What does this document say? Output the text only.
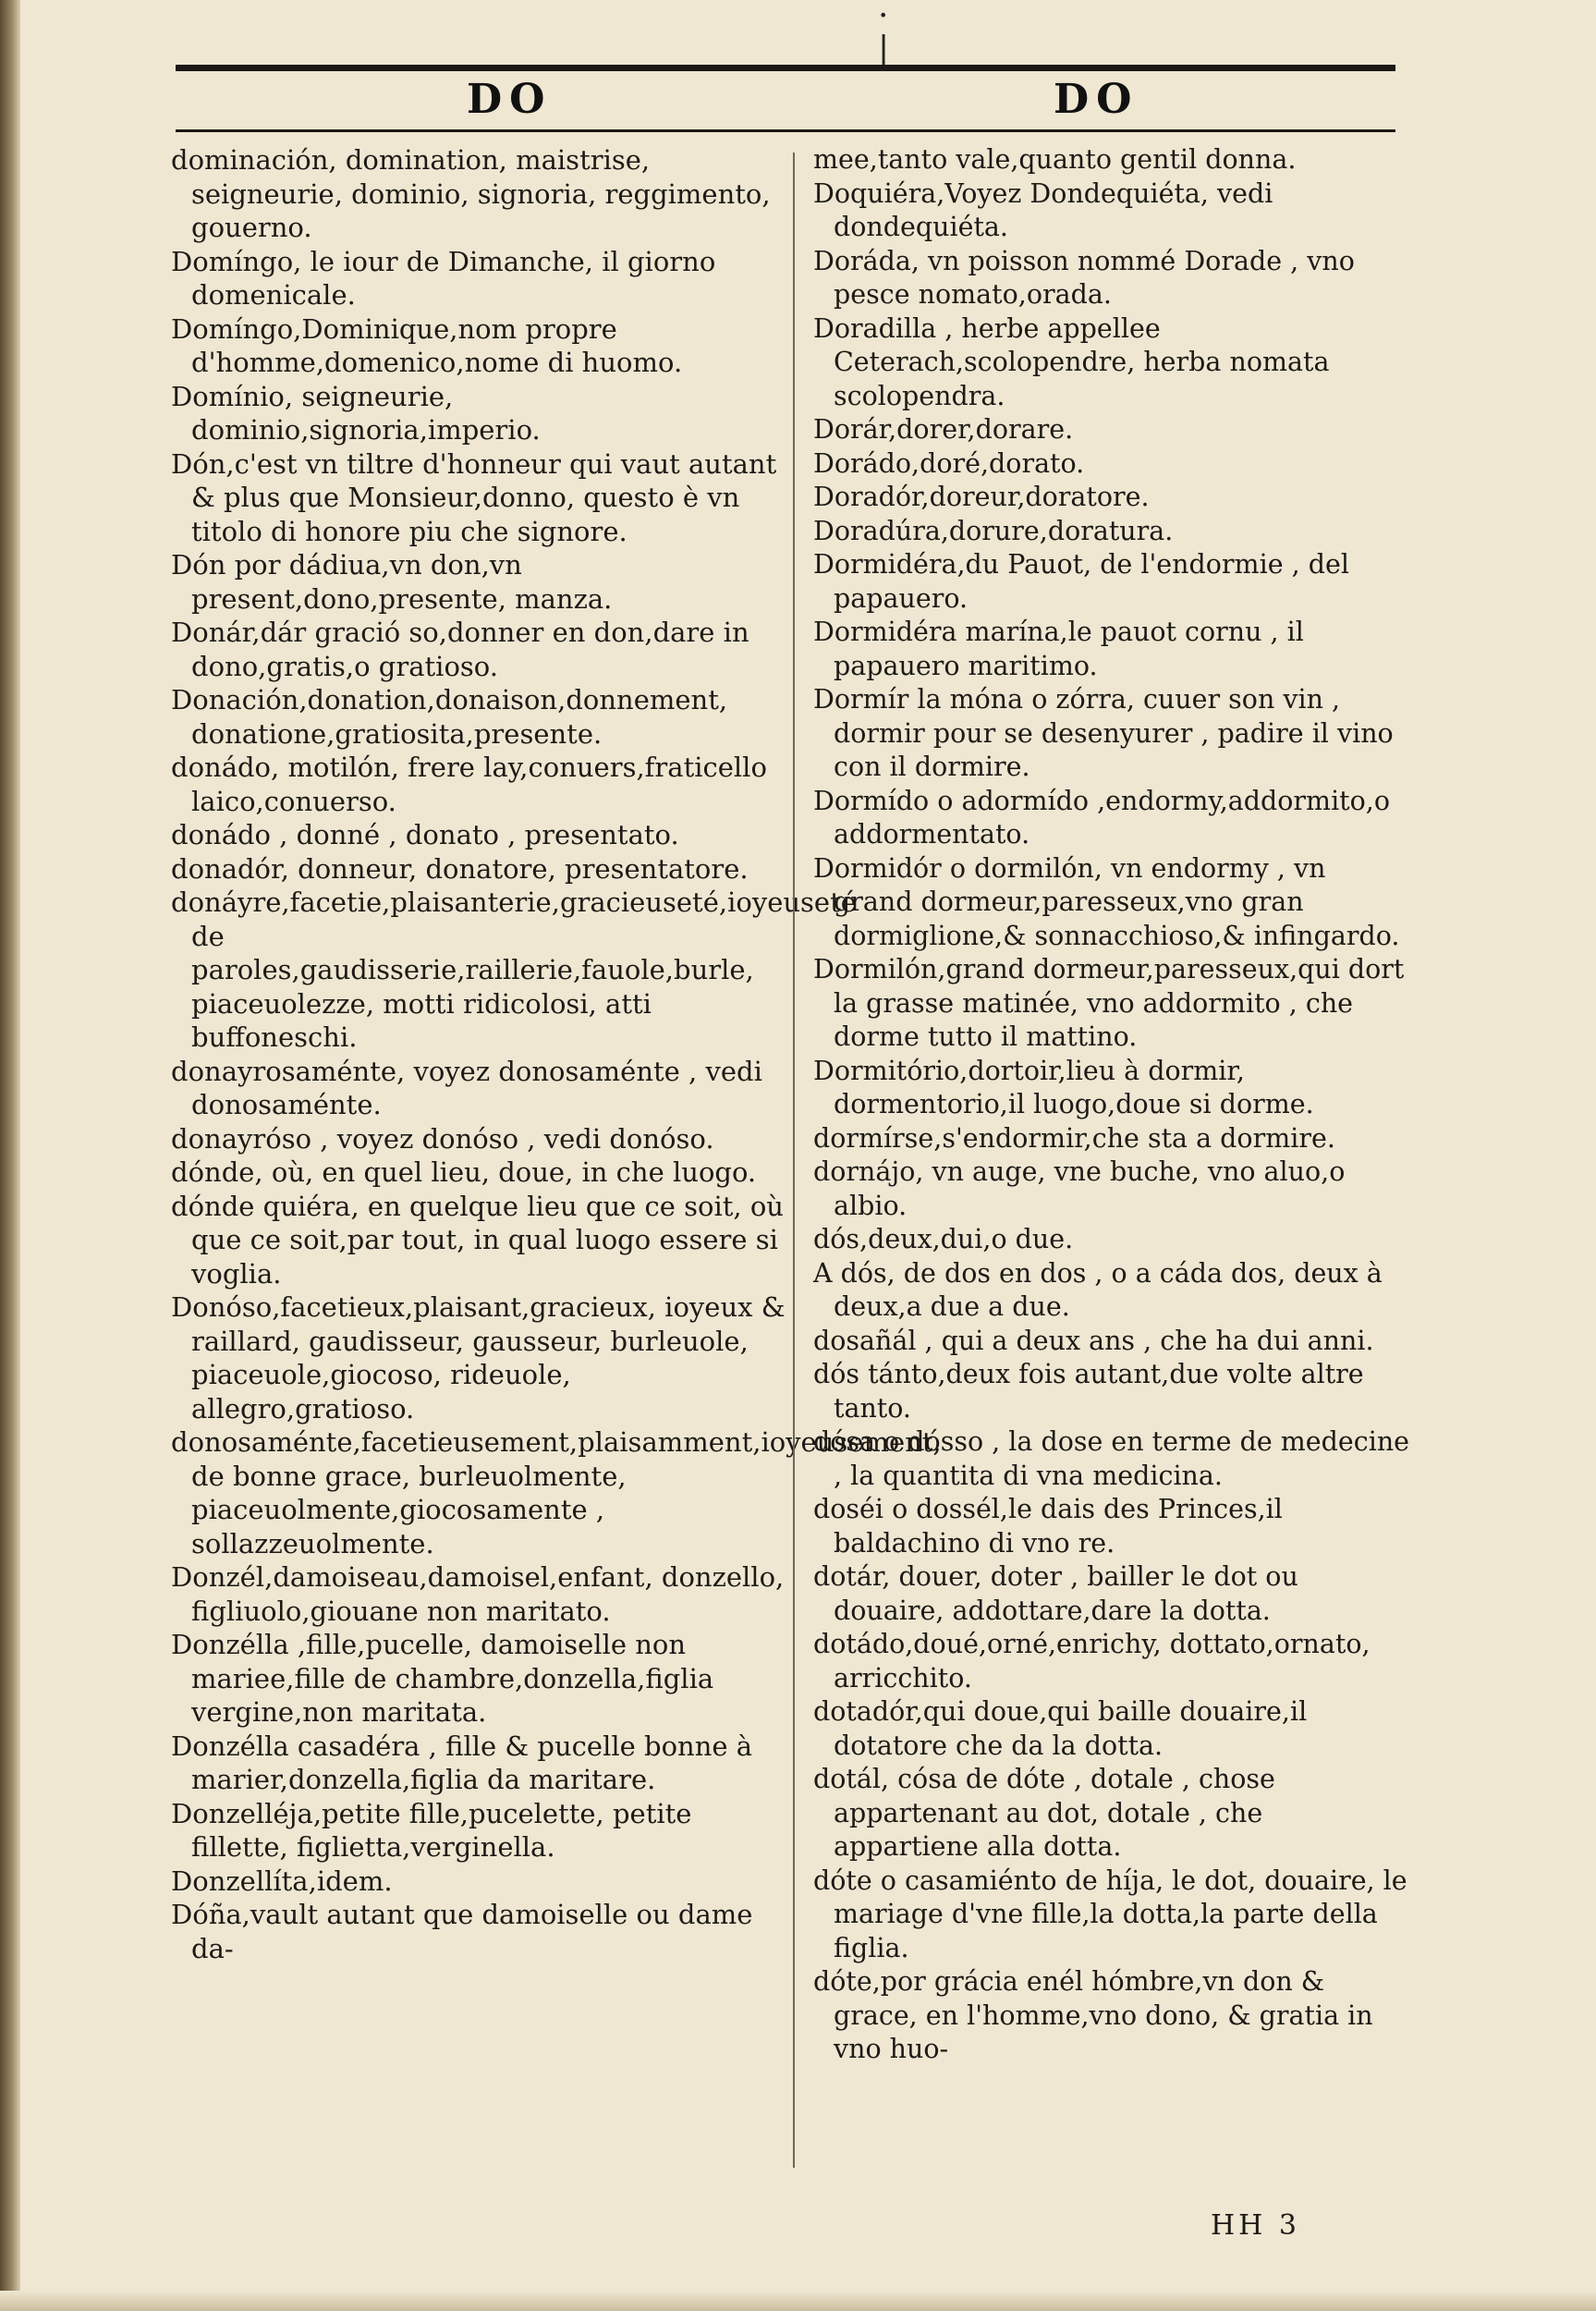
· |
DO	DO

dominación, domination, maistrise, seigneurie, dominio, signoria, reggimento, gouerno.

Domíngo, le iour de Dimanche, il giorno domenicale.

Domíngo,Dominique,nom propre d'homme,domenico,nome di huomo.

Domínio, seigneurie, dominio,signoria,imperio.

Dón,c'est vn tiltre d'honneur qui vaut autant & plus que Monsieur,donno, questo è vn titolo di honore piu che signore.

Dón por dádiua,vn don,vn present,dono,presente, manza.

Donár,dár gració so,donner en don,dare in dono,gratis,o gratioso.

Donación,donation,donaison,donnement, donatione,gratiosita,presente.

donádo, motilón, frere lay,conuers,fraticello laico,conuerso.

donádo , donné , donato , presentato.

donadór, donneur, donatore, presentatore.

donáyre,facetie,plaisanterie,gracieuseté,ioyeuseté de paroles,gaudisserie,raillerie,fauole,burle, piaceuolezze, motti ridicolosi, atti buffoneschi.

donayrosaménte, voyez donosaménte , vedi donosaménte.

donayróso , voyez donóso , vedi donóso.

dónde, où, en quel lieu, doue, in che luogo.

dónde quiéra, en quelque lieu que ce soit, où que ce soit,par tout, in qual luogo essere si voglia.

Donóso,facetieux,plaisant,gracieux, ioyeux & raillard, gaudisseur, gausseur, burleuole, piaceuole,giocoso, rideuole, allegro,gratioso.

donosaménte,facetieusement,plaisamment,ioyeusement, de bonne grace, burleuolmente, piaceuolmente,giocosamente , sollazzeuolmente.

Donzél,damoiseau,damoisel,enfant, donzello, figliuolo,giouane non maritato.

Donzélla ,fille,pucelle, damoiselle non mariee,fille de chambre,donzella,figlia vergine,non maritata.

Donzélla casadéra , fille & pucelle bonne à marier,donzella,figlia da maritare.

Donzelléja,petite fille,pucelette, petite fillette, figlietta,verginella.

Donzellíta,idem.

Dóña,vault autant que damoiselle ou dame da-

mee,tanto vale,quanto gentil donna.

Doquiéra,Voyez Dondequiéta, vedi dondequiéta.

Doráda, vn poisson nommé Dorade , vno pesce nomato,orada.

Doradilla , herbe appellee Ceterach,scolopendre, herba nomata scolopendra.

Dorár,dorer,dorare.

Dorádo,doré,dorato.

Doradór,doreur,doratore.

Doradúra,dorure,doratura.

Dormidéra,du Pauot, de l'endormie , del papauero.

Dormidéra marína,le pauot cornu , il papauero maritimo.

Dormír la móna o zórra, cuuer son vin , dormir pour se desenyurer , padire il vino con il dormire.

Dormído o adormído ,endormy,addormito,o addormentato.

Dormidór o dormilón, vn endormy , vn grand dormeur,paresseux,vno gran dormiglione,& sonnacchioso,& infingardo.

Dormilón,grand dormeur,paresseux,qui dort la grasse matinée, vno addormito , che dorme tutto il mattino.

Dormitório,dortoir,lieu à dormir, dormentorio,il luogo,doue si dorme.

dormírse,s'endormir,che sta a dormire.

dornájo, vn auge, vne buche, vno aluo,o albio.

dós,deux,dui,o due.

A dós, de dos en dos , o a cáda dos, deux à deux,a due a due.

dosañál , qui a deux ans , che ha dui anni.

dós tánto,deux fois autant,due volte altre tanto.

dósa o dósso , la dose en terme de medecine , la quantita di vna medicina.

doséi o dossél,le dais des Princes,il baldachino di vno re.

dotár, douer, doter , bailler le dot ou douaire, addottare,dare la dotta.

dotádo,doué,orné,enrichy, dottato,ornato, arricchito.

dotadór,qui doue,qui baille douaire,il dotatore che da la dotta.

dotál, cósa de dóte , dotale , chose appartenant au dot, dotale , che appartiene alla dotta.

dóte o casamiénto de híja, le dot, douaire, le mariage d'vne fille,la dotta,la parte della figlia.

dóte,por grácia enél hómbre,vn don & grace, en l'homme,vno dono, & gratia in vno huo-

HH 3
